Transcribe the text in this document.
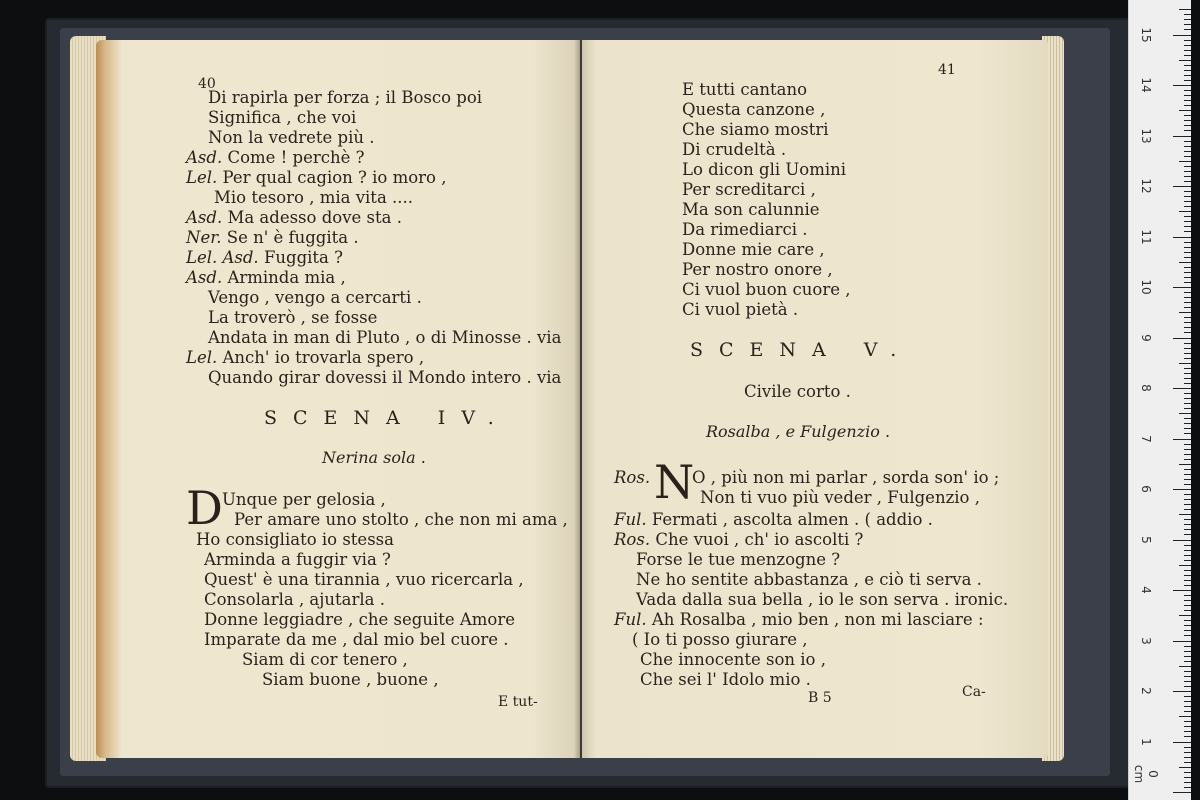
40
Di rapirla per forza ; il Bosco poi
Significa , che voi
Non la vedrete più .
Asd. Come ! perchè ?
Lel. Per qual cagion ? io moro ,
Mio tesoro , mia vita ....
Asd. Ma adesso dove sta .
Ner. Se n' è fuggita .
Lel. Asd. Fuggita ?
Asd. Arminda mia ,
Vengo , vengo a cercarti .
La troverò , se fosse
Andata in man di Pluto , o di Minosse . via
Lel. Anch' io trovarla spero ,
Quando girar dovessi il Mondo intero . via
SCENA IV.
Nerina sola .
D Unque per gelosia ,
Per amare uno stolto , che non mi ama ,
Ho consigliato io stessa
Arminda a fuggir via ?
Quest' è una tirannia , vuo ricercarla ,
Consolarla , ajutarla .
Donne leggiadre , che seguite Amore
Imparate da me , dal mio bel cuore .
Siam di cor tenero ,
Siam buone , buone ,
E tut-
41
E tutti cantano
Questa canzone ,
Che siamo mostri
Di crudeltà .
Lo dicon gli Uomini
Per screditarci ,
Ma son calunnie
Da rimediarci .
Donne mie care ,
Per nostro onore ,
Ci vuol buon cuore ,
Ci vuol pietà .
SCENA V.
Civile corto .
Rosalba , e Fulgenzio .
Ros. N
O , più non mi parlar , sorda son' io ;
Non ti vuo più veder , Fulgenzio ,
Ful. Fermati , ascolta almen . ( addio .
Ros. Che vuoi , ch' io ascolti ?
Forse le tue menzogne ?
Ne ho sentite abbastanza , e ciò ti serva .
Vada dalla sua bella , io le son serva . ironic.
Ful. Ah Rosalba , mio ben , non mi lasciare :
( Io ti posso giurare ,
Che innocente son io ,
Che sei l' Idolo mio .
B 5	Ca-
0 cm
1
2
3
4
5
6
7
8
9
10
11
12
13
14
15
